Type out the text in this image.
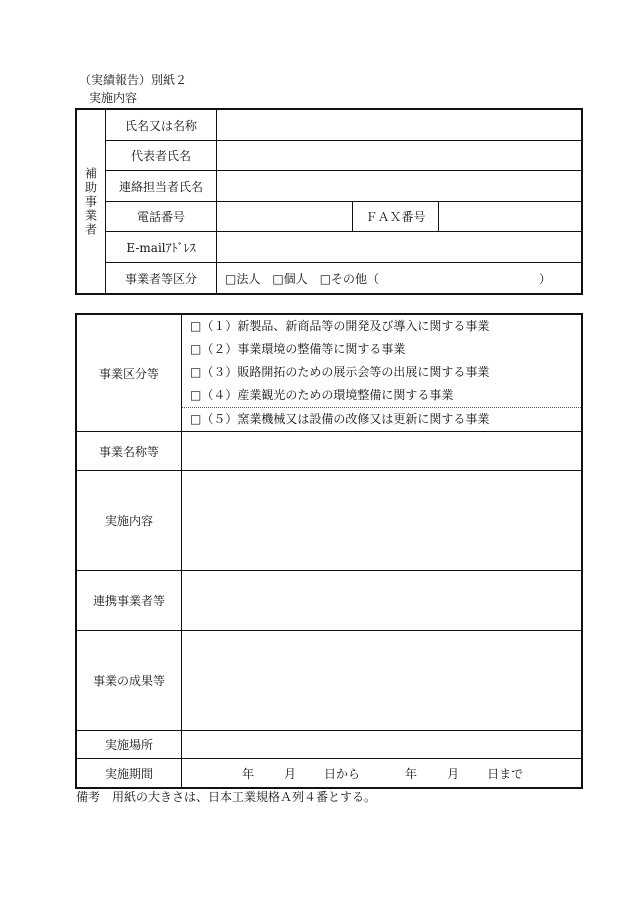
（実績報告）別紙２
実施内容
補助事業者	氏名又は名称			
	代表者氏名			
	連絡担当者氏名			
	電話番号		ＦＡＸ番号	
	E-mailｱﾄﾞﾚｽ			
	事業者等区分	□法人 □個人 □その他（ ）		
事業区分等	□（１）新製品、新商品等の開発及び導入に関する事業
□（２）事業環境の整備等に関する事業
□（３）販路開拓のための展示会等の出展に関する事業
□（４）産業観光のための環境整備に関する事業
□（５）窯業機械又は設備の改修又は更新に関する事業

事業名称等	
実施内容	
連携事業者等	
事業の成果等	
実施場所	
実施期間	年 月 日から 年 月 日まで
備考　用紙の大きさは、日本工業規格Ａ列４番とする。
